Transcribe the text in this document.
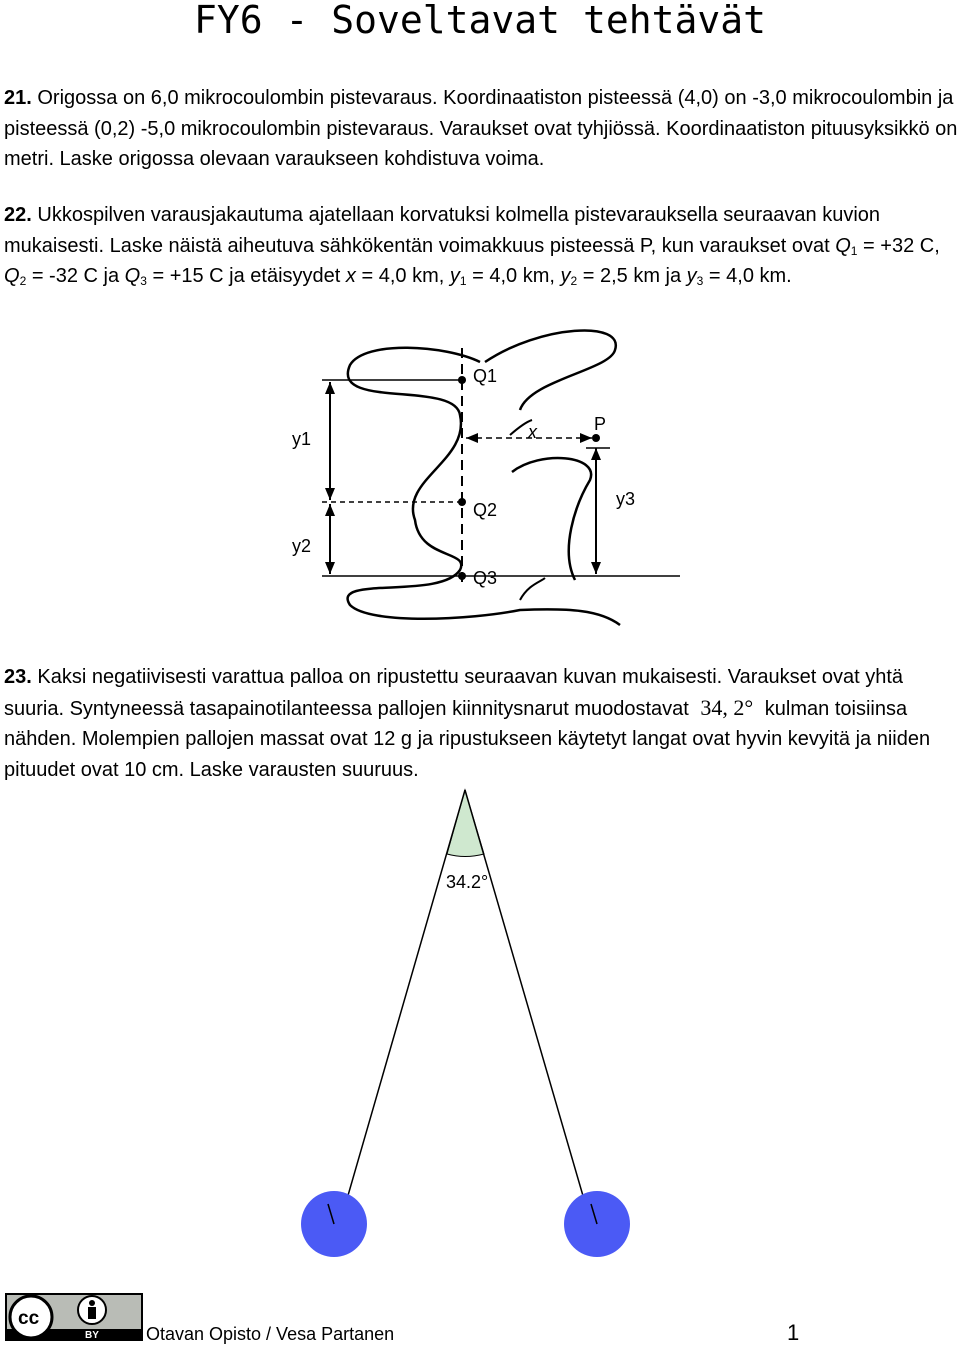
FY6 - Soveltavat tehtävät

21. Origossa on 6,0 mikrocoulombin pistevaraus. Koordinaatiston pisteessä (4,0) on -3,0 mikrocoulombin ja pisteessä (0,2) -5,0 mikrocoulombin pistevaraus. Varaukset ovat tyhjiössä. Koordinaatiston pituusyksikkö on metri. Laske origossa olevaan varaukseen kohdistuva voima.

22. Ukkospilven varausjakautuma ajatellaan korvatuksi kolmella pistevarauksella seuraavan kuvion mukaisesti. Laske näistä aiheutuva sähkökentän voimakkuus pisteessä P, kun varaukset ovat $Q_1 = +32$ C, $Q_2 = -32$ C ja $Q_3 = +15$ C ja etäisyydet x = 4,0 km, $y_1 = 4,0$ km, $y_2 = 2,5$ km ja $y_3 = 4,0$ km.

Q1
Q2
Q3
P
x
y1
y2
y3

23. Kaksi negatiivisesti varattua palloa on ripustettu seuraavan kuvan mukaisesti. Varaukset ovat yhtä suuria. Syntyneessä tasapainotilanteessa pallojen kiinnitysnarut muodostavat 34, 2° kulman toisiinsa nähden. Molempien pallojen massat ovat 12 g ja ripustukseen käytetyt langat ovat hyvin kevyitä ja niiden pituudet ovat 10 cm. Laske varausten suuruus.

34.2°
cc
BY	Otavan Opisto / Vesa Partanen	1
